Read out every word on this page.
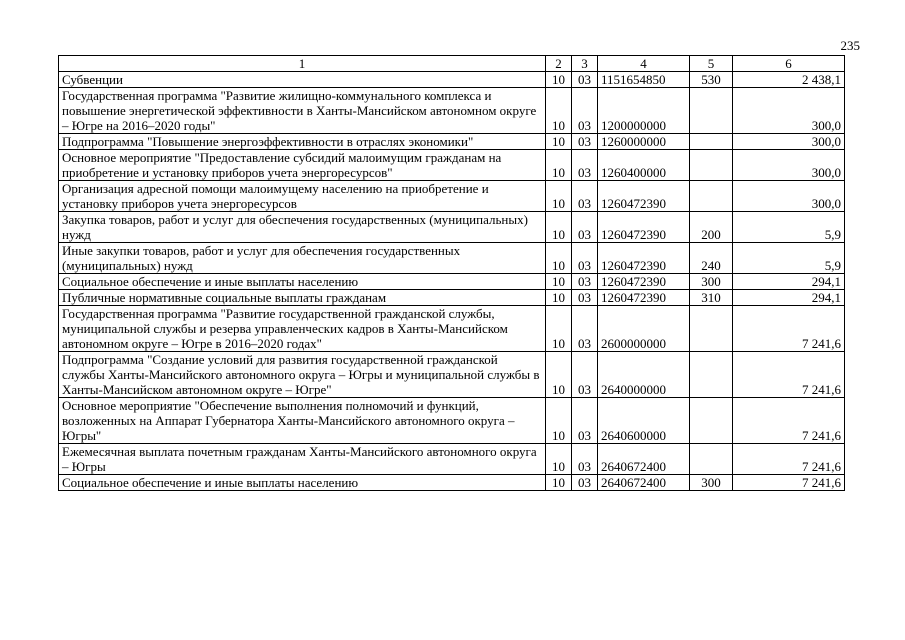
235
1	2	3	4	5	6
Субвенции	10	03	1151654850	530	2 438,1
Государственная программа "Развитие жилищно-коммунального комплекса и повышение энергетической эффективности в Ханты-Мансийском автономном округе – Югре на 2016–2020 годы"	10	03	1200000000		300,0
Подпрограмма "Повышение энергоэффективности в отраслях экономики"	10	03	1260000000		300,0
Основное мероприятие "Предоставление субсидий малоимущим гражданам на приобретение и установку приборов учета энергоресурсов"	10	03	1260400000		300,0
Организация адресной помощи малоимущему населению на приобретение и установку приборов учета энергоресурсов	10	03	1260472390		300,0
Закупка товаров, работ и услуг для обеспечения государственных (муниципальных) нужд	10	03	1260472390	200	5,9
Иные закупки товаров, работ и услуг для обеспечения государственных (муниципальных) нужд	10	03	1260472390	240	5,9
Социальное обеспечение и иные выплаты населению	10	03	1260472390	300	294,1
Публичные нормативные социальные выплаты гражданам	10	03	1260472390	310	294,1
Государственная программа "Развитие государственной гражданской службы, муниципальной службы и резерва управленческих кадров в Ханты-Мансийском автономном округе – Югре в 2016–2020 годах"	10	03	2600000000		7 241,6
Подпрограмма "Создание условий для развития государственной гражданской службы Ханты-Мансийского автономного округа – Югры и муниципальной службы в Ханты-Мансийском автономном округе – Югре"	10	03	2640000000		7 241,6
Основное мероприятие "Обеспечение выполнения полномочий и функций, возложенных на Аппарат Губернатора Ханты-Мансийского автономного округа – Югры"	10	03	2640600000		7 241,6
Ежемесячная выплата почетным гражданам Ханты-Мансийского автономного округа – Югры	10	03	2640672400		7 241,6
Социальное обеспечение и иные выплаты населению	10	03	2640672400	300	7 241,6
